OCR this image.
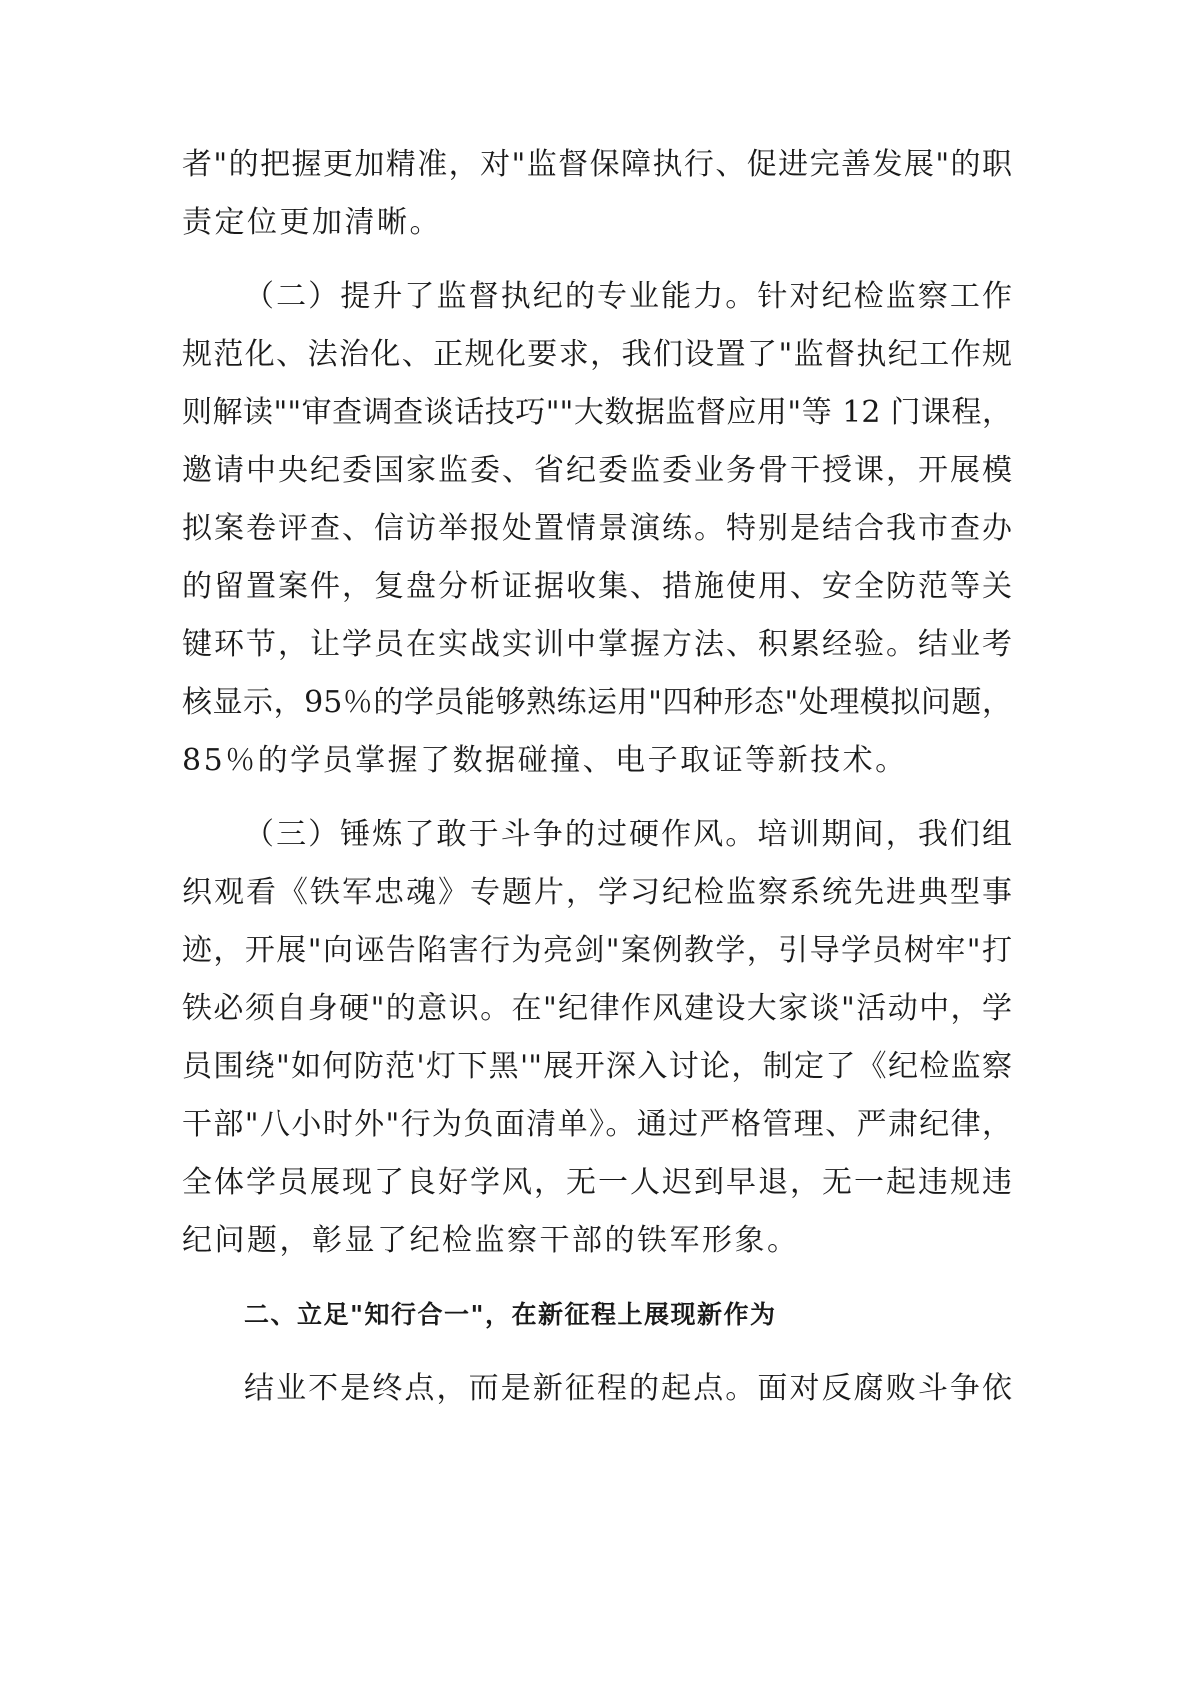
者"的把握更加精准，对"监督保障执行、促进完善发展"的职
责定位更加清晰。
（二）提升了监督执纪的专业能力。针对纪检监察工作
规范化、法治化、正规化要求，我们设置了"监督执纪工作规
则解读""审查调查谈话技巧""大数据监督应用"等 12 门课程，
邀请中央纪委国家监委、省纪委监委业务骨干授课，开展模
拟案卷评查、信访举报处置情景演练。特别是结合我市查办
的留置案件，复盘分析证据收集、措施使用、安全防范等关
键环节，让学员在实战实训中掌握方法、积累经验。结业考
核显示，95％的学员能够熟练运用"四种形态"处理模拟问题，
85％的学员掌握了数据碰撞、电子取证等新技术。
（三）锤炼了敢于斗争的过硬作风。培训期间，我们组
织观看《铁军忠魂》专题片，学习纪检监察系统先进典型事
迹，开展"向诬告陷害行为亮剑"案例教学，引导学员树牢"打
铁必须自身硬"的意识。在"纪律作风建设大家谈"活动中，学
员围绕"如何防范'灯下黑'"展开深入讨论，制定了《纪检监察
干部"八小时外"行为负面清单》。通过严格管理、严肃纪律，
全体学员展现了良好学风，无一人迟到早退，无一起违规违
纪问题，彰显了纪检监察干部的铁军形象。
二、立足"知行合一"，在新征程上展现新作为
结业不是终点，而是新征程的起点。面对反腐败斗争依
